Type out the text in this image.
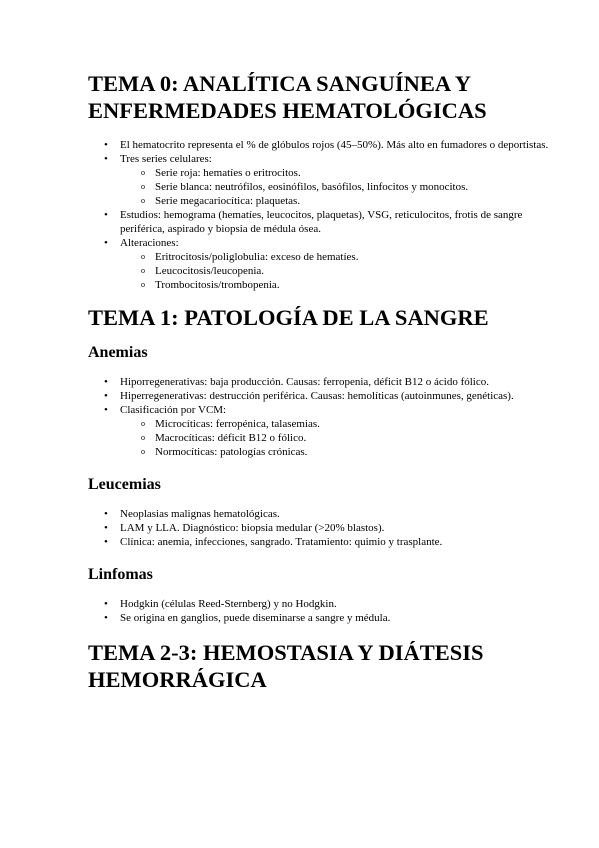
TEMA 0: ANALÍTICA SANGUÍNEA Y ENFERMEDADES HEMATOLÓGICAS
• El hematocrito representa el % de glóbulos rojos (45–50%). Más alto en fumadores o deportistas.
• Tres series celulares:
o Serie roja: hematíes o eritrocitos.
o Serie blanca: neutrófilos, eosinófilos, basófilos, linfocitos y monocitos.
o Serie megacariocítica: plaquetas.
• Estudios: hemograma (hematíes, leucocitos, plaquetas), VSG, reticulocitos, frotis de sangre periférica, aspirado y biopsia de médula ósea.
• Alteraciones:
o Eritrocitosis/poliglobulia: exceso de hematíes.
o Leucocitosis/leucopenia.
o Trombocitosis/trombopenia.
TEMA 1: PATOLOGÍA DE LA SANGRE
Anemias
• Hiporregenerativas: baja producción. Causas: ferropenia, déficit B12 o ácido fólico.
• Hiperregenerativas: destrucción periférica. Causas: hemolíticas (autoinmunes, genéticas).
• Clasificación por VCM:
o Microcíticas: ferropénica, talasemias.
o Macrocíticas: déficit B12 o fólico.
o Normocíticas: patologías crónicas.
Leucemias
• Neoplasias malignas hematológicas.
• LAM y LLA. Diagnóstico: biopsia medular (>20% blastos).
• Clínica: anemia, infecciones, sangrado. Tratamiento: quimio y trasplante.
Linfomas
• Hodgkin (células Reed-Sternberg) y no Hodgkin.
• Se origina en ganglios, puede diseminarse a sangre y médula.
TEMA 2-3: HEMOSTASIA Y DIÁTESIS HEMORRÁGICA
